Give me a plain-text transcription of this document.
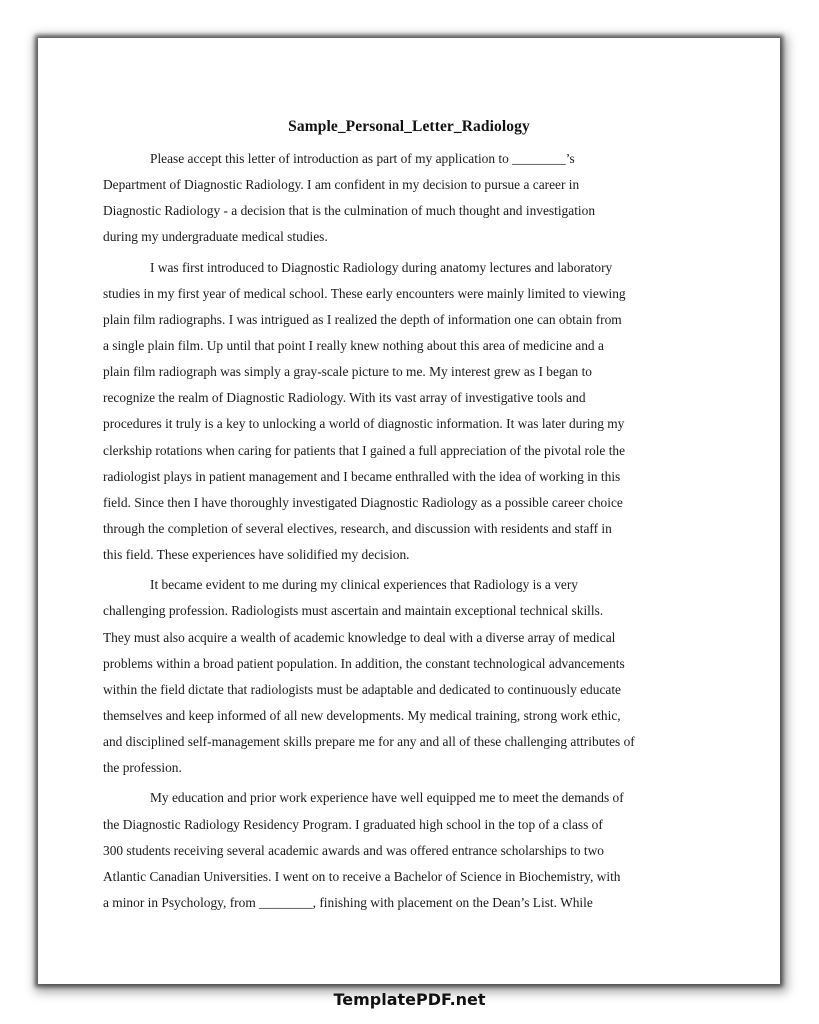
Sample_Personal_Letter_Radiology
Please accept this letter of introduction as part of my application to ________’s
Department of Diagnostic Radiology. I am confident in my decision to pursue a career in
Diagnostic Radiology - a decision that is the culmination of much thought and investigation
during my undergraduate medical studies.
I was first introduced to Diagnostic Radiology during anatomy lectures and laboratory
studies in my first year of medical school. These early encounters were mainly limited to viewing
plain film radiographs. I was intrigued as I realized the depth of information one can obtain from
a single plain film. Up until that point I really knew nothing about this area of medicine and a
plain film radiograph was simply a gray-scale picture to me. My interest grew as I began to
recognize the realm of Diagnostic Radiology. With its vast array of investigative tools and
procedures it truly is a key to unlocking a world of diagnostic information. It was later during my
clerkship rotations when caring for patients that I gained a full appreciation of the pivotal role the
radiologist plays in patient management and I became enthralled with the idea of working in this
field. Since then I have thoroughly investigated Diagnostic Radiology as a possible career choice
through the completion of several electives, research, and discussion with residents and staff in
this field. These experiences have solidified my decision.
It became evident to me during my clinical experiences that Radiology is a very
challenging profession. Radiologists must ascertain and maintain exceptional technical skills.
They must also acquire a wealth of academic knowledge to deal with a diverse array of medical
problems within a broad patient population. In addition, the constant technological advancements
within the field dictate that radiologists must be adaptable and dedicated to continuously educate
themselves and keep informed of all new developments. My medical training, strong work ethic,
and disciplined self-management skills prepare me for any and all of these challenging attributes of
the profession.
My education and prior work experience have well equipped me to meet the demands of
the Diagnostic Radiology Residency Program. I graduated high school in the top of a class of
300 students receiving several academic awards and was offered entrance scholarships to two
Atlantic Canadian Universities. I went on to receive a Bachelor of Science in Biochemistry, with
a minor in Psychology, from ________, finishing with placement on the Dean’s List. While
TemplatePDF.net
